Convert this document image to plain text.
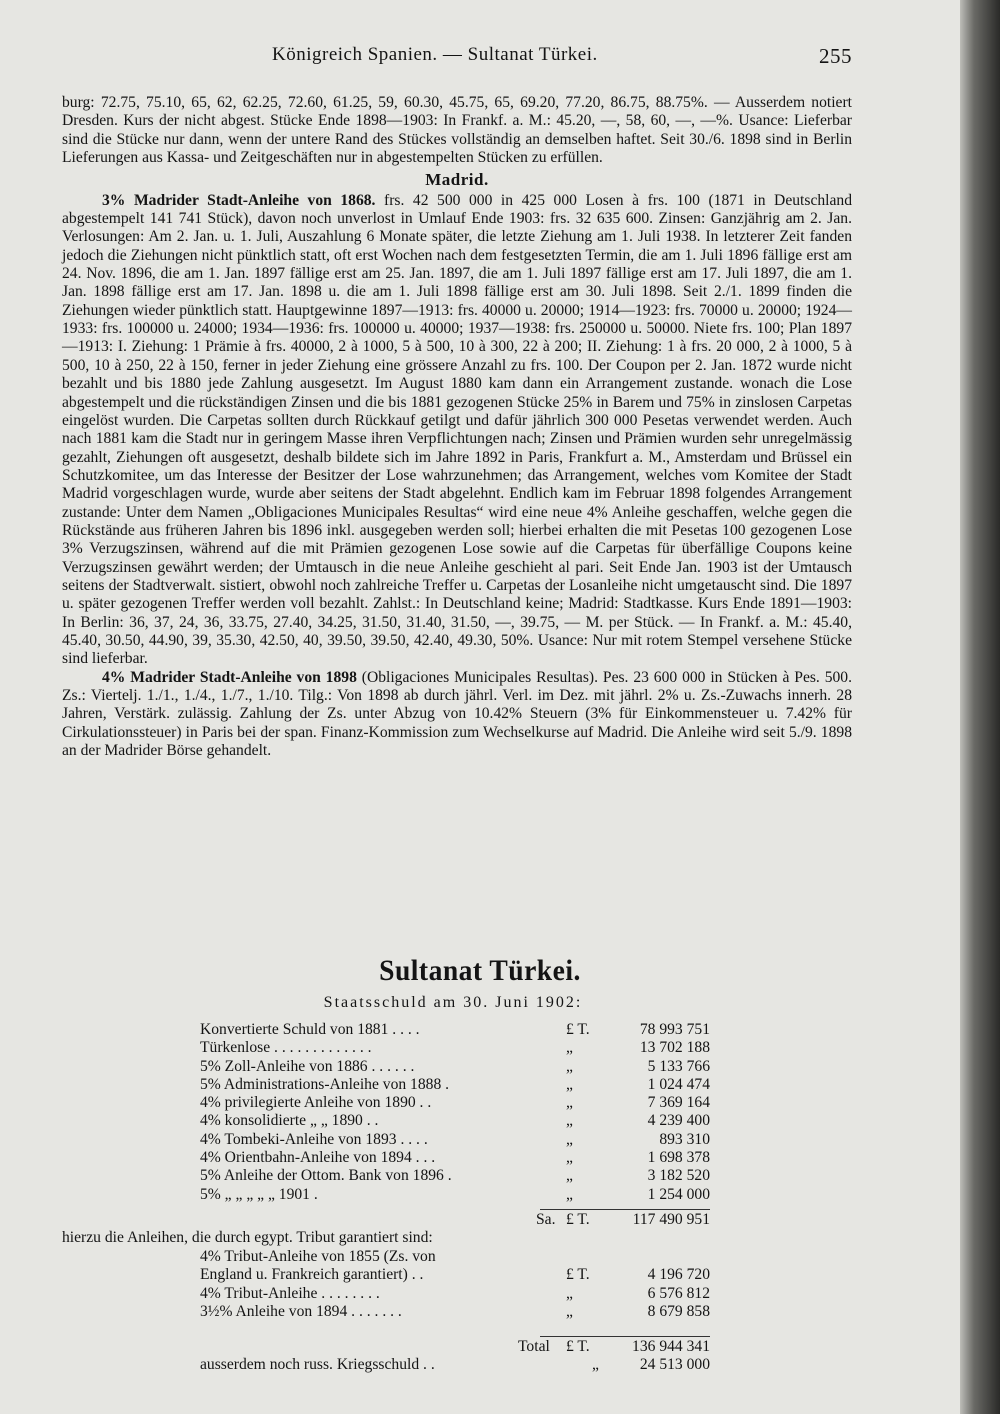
Königreich Spanien. — Sultanat Türkei.	255

burg: 72.75, 75.10, 65, 62, 62.25, 72.60, 61.25, 59, 60.30, 45.75, 65, 69.20, 77.20, 86.75, 88.75%. — Ausserdem notiert Dresden. Kurs der nicht abgest. Stücke Ende 1898—1903: In Frankf. a. M.: 45.20, —, 58, 60, —, —%. Usance: Lieferbar sind die Stücke nur dann, wenn der untere Rand des Stückes vollständig an demselben haftet. Seit 30./6. 1898 sind in Berlin Lieferungen aus Kassa- und Zeitgeschäften nur in abgestempelten Stücken zu erfüllen.

Madrid.

3% Madrider Stadt-Anleihe von 1868. frs. 42 500 000 in 425 000 Losen à frs. 100 (1871 in Deutschland abgestempelt 141 741 Stück), davon noch unverlost in Umlauf Ende 1903: frs. 32 635 600. Zinsen: Ganzjährig am 2. Jan. Verlosungen: Am 2. Jan. u. 1. Juli, Auszahlung 6 Monate später, die letzte Ziehung am 1. Juli 1938. In letzterer Zeit fanden jedoch die Ziehungen nicht pünktlich statt, oft erst Wochen nach dem festgesetzten Termin, die am 1. Juli 1896 fällige erst am 24. Nov. 1896, die am 1. Jan. 1897 fällige erst am 25. Jan. 1897, die am 1. Juli 1897 fällige erst am 17. Juli 1897, die am 1. Jan. 1898 fällige erst am 17. Jan. 1898 u. die am 1. Juli 1898 fällige erst am 30. Juli 1898. Seit 2./1. 1899 finden die Ziehungen wieder pünktlich statt. Hauptgewinne 1897—1913: frs. 40000 u. 20000; 1914—1923: frs. 70000 u. 20000; 1924—1933: frs. 100000 u. 24000; 1934—1936: frs. 100000 u. 40000; 1937—1938: frs. 250000 u. 50000. Niete frs. 100; Plan 1897—1913: I. Ziehung: 1 Prämie à frs. 40000, 2 à 1000, 5 à 500, 10 à 300, 22 à 200; II. Ziehung: 1 à frs. 20 000, 2 à 1000, 5 à 500, 10 à 250, 22 à 150, ferner in jeder Ziehung eine grössere Anzahl zu frs. 100. Der Coupon per 2. Jan. 1872 wurde nicht bezahlt und bis 1880 jede Zahlung ausgesetzt. Im August 1880 kam dann ein Arrangement zustande. wonach die Lose abgestempelt und die rückständigen Zinsen und die bis 1881 gezogenen Stücke 25% in Barem und 75% in zinslosen Carpetas eingelöst wurden. Die Carpetas sollten durch Rückkauf getilgt und dafür jährlich 300 000 Pesetas verwendet werden. Auch nach 1881 kam die Stadt nur in geringem Masse ihren Verpflichtungen nach; Zinsen und Prämien wurden sehr unregelmässig gezahlt, Ziehungen oft ausgesetzt, deshalb bildete sich im Jahre 1892 in Paris, Frankfurt a. M., Amsterdam und Brüssel ein Schutzkomitee, um das Interesse der Besitzer der Lose wahrzunehmen; das Arrangement, welches vom Komitee der Stadt Madrid vorgeschlagen wurde, wurde aber seitens der Stadt abgelehnt. Endlich kam im Februar 1898 folgendes Arrangement zustande: Unter dem Namen „Obligaciones Municipales Resultas“ wird eine neue 4% Anleihe geschaffen, welche gegen die Rückstände aus früheren Jahren bis 1896 inkl. ausgegeben werden soll; hierbei erhalten die mit Pesetas 100 gezogenen Lose 3% Verzugszinsen, während auf die mit Prämien gezogenen Lose sowie auf die Carpetas für überfällige Coupons keine Verzugszinsen gewährt werden; der Umtausch in die neue Anleihe geschieht al pari. Seit Ende Jan. 1903 ist der Umtausch seitens der Stadtverwalt. sistiert, obwohl noch zahlreiche Treffer u. Carpetas der Losanleihe nicht umgetauscht sind. Die 1897 u. später gezogenen Treffer werden voll bezahlt. Zahlst.: In Deutschland keine; Madrid: Stadtkasse. Kurs Ende 1891—1903: In Berlin: 36, 37, 24, 36, 33.75, 27.40, 34.25, 31.50, 31.40, 31.50, —, 39.75, — M. per Stück. — In Frankf. a. M.: 45.40, 45.40, 30.50, 44.90, 39, 35.30, 42.50, 40, 39.50, 39.50, 42.40, 49.30, 50%. Usance: Nur mit rotem Stempel versehene Stücke sind lieferbar.

4% Madrider Stadt-Anleihe von 1898 (Obligaciones Municipales Resultas). Pes. 23 600 000 in Stücken à Pes. 500. Zs.: Viertelj. 1./1., 1./4., 1./7., 1./10. Tilg.: Von 1898 ab durch jährl. Verl. im Dez. mit jährl. 2% u. Zs.-Zuwachs innerh. 28 Jahren, Verstärk. zulässig. Zahlung der Zs. unter Abzug von 10.42% Steuern (3% für Einkommensteuer u. 7.42% für Cirkulationssteuer) in Paris bei der span. Finanz-Kommission zum Wechselkurse auf Madrid. Die Anleihe wird seit 5./9. 1898 an der Madrider Börse gehandelt.

Sultanat Türkei.
Staatsschuld am 30. Juni 1902:
Konvertierte Schuld von 1881 . . . .	£ T.	78 993 751
Türkenlose . . . . . . . . . . . . .	„	13 702 188
5% Zoll-Anleihe von 1886 . . . . . .	„	5 133 766
5% Administrations-Anleihe von 1888 .	„	1 024 474
4% privilegierte Anleihe von 1890 . .	„	7 369 164
4% konsolidierte „ „ 1890 . .	„	4 239 400
4% Tombeki-Anleihe von 1893 . . . .	„	893 310
4% Orientbahn-Anleihe von 1894 . . .	„	1 698 378
5% Anleihe der Ottom. Bank von 1896 .	„	3 182 520
5% „ „ „ „ „ 1901 .	„	1 254 000
Sa. £ T.	117 490 951
hierzu die Anleihen, die durch egypt. Tribut garantiert sind:
4% Tribut-Anleihe von 1855 (Zs. von
England u. Frankreich garantiert) . .	£ T.	4 196 720
4% Tribut-Anleihe . . . . . . . .	„	6 576 812
3½% Anleihe von 1894 . . . . . . .	„	8 679 858
Total £ T.	136 944 341
ausserdem noch russ. Kriegsschuld . .	„	24 513 000
